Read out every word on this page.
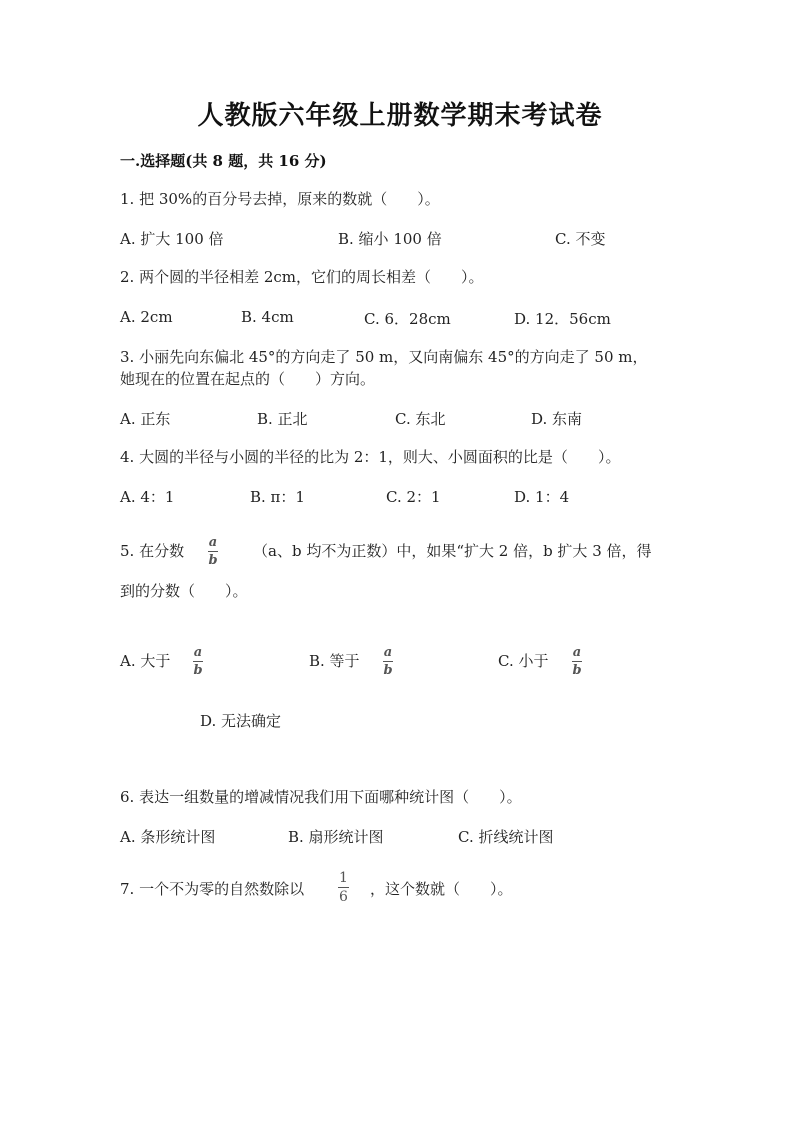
人教版六年级上册数学期末考试卷
一.选择题(共 8 题，共 16 分)
1. 把 30%的百分号去掉，原来的数就（　　）。
A. 扩大 100 倍	B. 缩小 100 倍	C. 不变
2. 两个圆的半径相差 2cm，它们的周长相差（　　）。
A. 2cm	B. 4cm	C. 6．28cm	D. 12．56cm
3. 小丽先向东偏北 45°的方向走了 50 m，又向南偏东 45°的方向走了 50 m，
她现在的位置在起点的（　　）方向。
A. 正东	B. 正北	C. 东北	D. 东南
4. 大圆的半径与小圆的半径的比为 2：1，则大、小圆面积的比是（　　）。
A. 4：1	B. π：1	C. 2：1	D. 1：4
5. 在分数 a
b
（a、b 均不为正数）中，如果“扩大 2 倍，b 扩大 3 倍，得
到的分数（　　）。
A. 大于 a
b
B. 等于 a
b
C. 小于 a
b
D. 无法确定
6. 表达一组数量的增减情况我们用下面哪种统计图（　　）。
A. 条形统计图	B. 扇形统计图	C. 折线统计图
7. 一个不为零的自然数除以
1
6 ，这个数就（　　）。
